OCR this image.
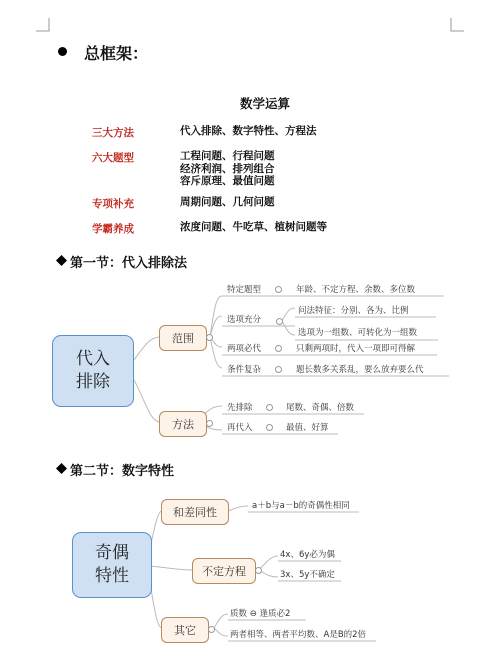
总框架：
数学运算
三大方法	代入排除、数字特性、方程法
六大题型	工程问题、行程问题
经济利润、排列组合
容斥原理、最值问题
专项补充	周期问题、几何问题
学霸养成	浓度问题、牛吃草、植树问题等
第一节：代入排除法
代入
排除
范围
方法
特定题型	年龄、不定方程、余数、多位数
选项充分
问法特征：分别、各为、比例
选项为一组数、可转化为一组数
两项必代	只剩两项时，代入一项即可得解
条件复杂	题长数多关系乱，要么放弃要么代
先排除	尾数、奇偶、倍数
再代入	最值、好算
第二节：数字特性
奇偶
特性
和差同性
不定方程
其它
a＋b与a－b的奇偶性相同
4x、6y必为偶
3x、5y不确定
质数 ⊖ 逢质必2
两者相等、两者平均数、A是B的2倍
